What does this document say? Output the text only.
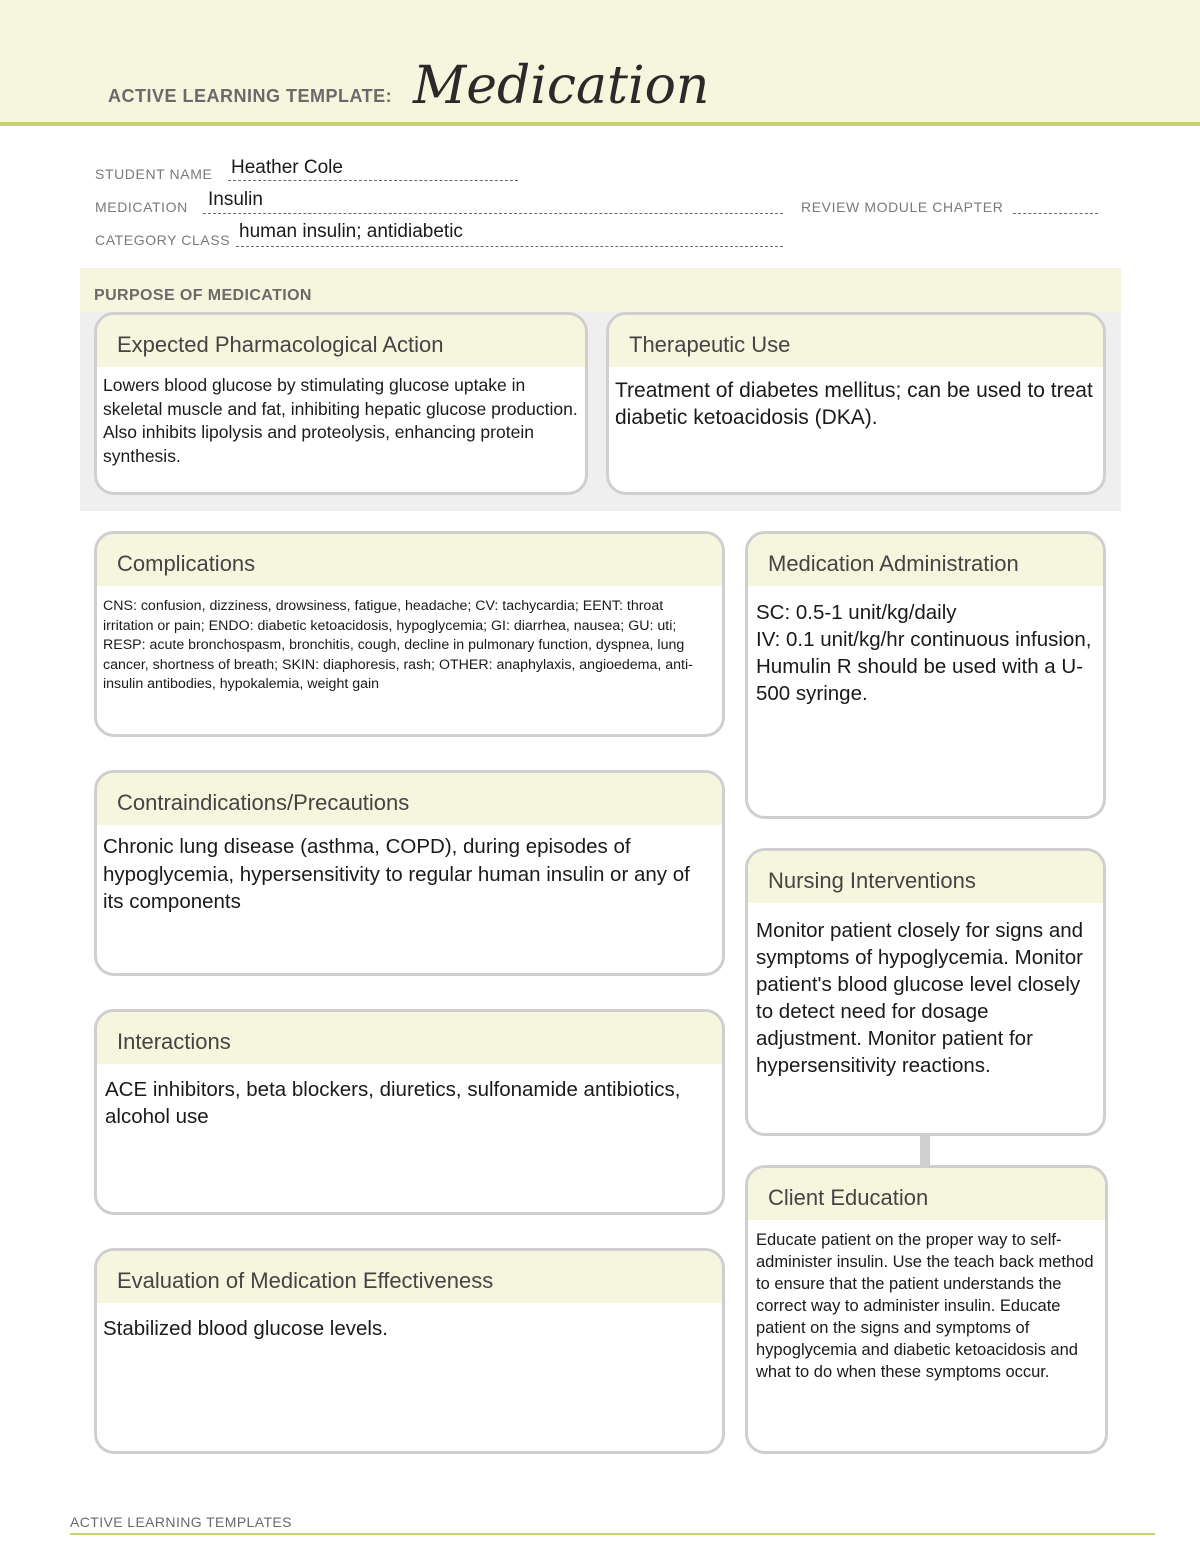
ACTIVE LEARNING TEMPLATE: Medication
STUDENT NAME Heather Cole
MEDICATION Insulin	REVIEW MODULE CHAPTER
CATEGORY CLASS human insulin; antidiabetic
PURPOSE OF MEDICATION
Expected Pharmacological Action
Lowers blood glucose by stimulating glucose uptake in skeletal muscle and fat, inhibiting hepatic glucose production. Also inhibits lipolysis and proteolysis, enhancing protein synthesis.
Therapeutic Use
Treatment of diabetes mellitus; can be used to treat diabetic ketoacidosis (DKA).
Complications
CNS: confusion, dizziness, drowsiness, fatigue, headache; CV: tachycardia; EENT: throat irritation or pain; ENDO: diabetic ketoacidosis, hypoglycemia; GI: diarrhea, nausea; GU: uti; RESP: acute bronchospasm, bronchitis, cough, decline in pulmonary function, dyspnea, lung cancer, shortness of breath; SKIN: diaphoresis, rash; OTHER: anaphylaxis, angioedema, anti-insulin antibodies, hypokalemia, weight gain
Contraindications/Precautions
Chronic lung disease (asthma, COPD), during episodes of hypoglycemia, hypersensitivity to regular human insulin or any of its components
Interactions
ACE inhibitors, beta blockers, diuretics, sulfonamide antibiotics, alcohol use
Evaluation of Medication Effectiveness
Stabilized blood glucose levels.
Medication Administration
SC: 0.5-1 unit/kg/daily
IV: 0.1 unit/kg/hr continuous infusion, Humulin R should be used with a U-500 syringe.
Nursing Interventions
Monitor patient closely for signs and symptoms of hypoglycemia. Monitor patient's blood glucose level closely to detect need for dosage adjustment. Monitor patient for hypersensitivity reactions.
Client Education
Educate patient on the proper way to self-administer insulin. Use the teach back method to ensure that the patient understands the correct way to administer insulin. Educate patient on the signs and symptoms of hypoglycemia and diabetic ketoacidosis and what to do when these symptoms occur.
ACTIVE LEARNING TEMPLATES
